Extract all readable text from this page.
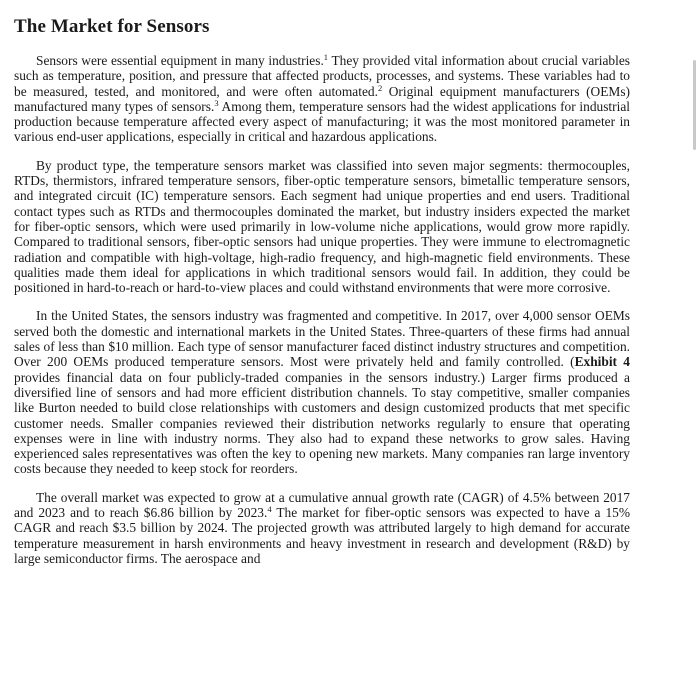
The Market for Sensors

Sensors were essential equipment in many industries.$^1$ They provided vital information about crucial variables such as temperature, position, and pressure that affected products, processes, and systems. These variables had to be measured, tested, and monitored, and were often automated.$^2$ Original equipment manufacturers (OEMs) manufactured many types of sensors.$^3$ Among them, temperature sensors had the widest applications for industrial production because temperature affected every aspect of manufacturing; it was the most monitored parameter in various end-user applications, especially in critical and hazardous applications.

By product type, the temperature sensors market was classified into seven major segments: thermocouples, RTDs, thermistors, infrared temperature sensors, fiber-optic temperature sensors, bimetallic temperature sensors, and integrated circuit (IC) temperature sensors. Each segment had unique properties and end users. Traditional contact types such as RTDs and thermocouples dominated the market, but industry insiders expected the market for fiber-optic sensors, which were used primarily in low-volume niche applications, would grow more rapidly. Compared to traditional sensors, fiber-optic sensors had unique properties. They were immune to electromagnetic radiation and compatible with high-voltage, high-radio frequency, and high-magnetic field environments. These qualities made them ideal for applications in which traditional sensors would fail. In addition, they could be positioned in hard-to-reach or hard-to-view places and could withstand environments that were more corrosive.

In the United States, the sensors industry was fragmented and competitive. In 2017, over 4,000 sensor OEMs served both the domestic and international markets in the United States. Three-quarters of these firms had annual sales of less than $10 million. Each type of sensor manufacturer faced distinct industry structures and competition. Over 200 OEMs produced temperature sensors. Most were privately held and family controlled. (Exhibit 4 provides financial data on four publicly-traded companies in the sensors industry.) Larger firms produced a diversified line of sensors and had more efficient distribution channels. To stay competitive, smaller companies like Burton needed to build close relationships with customers and design customized products that met specific customer needs. Smaller companies reviewed their distribution networks regularly to ensure that operating expenses were in line with industry norms. They also had to expand these networks to grow sales. Having experienced sales representatives was often the key to opening new markets. Many companies ran large inventory costs because they needed to keep stock for reorders.

The overall market was expected to grow at a cumulative annual growth rate (CAGR) of 4.5% between 2017 and 2023 and to reach $6.86 billion by 2023.$^4$ The market for fiber-optic sensors was expected to have a 15% CAGR and reach $3.5 billion by 2024. The projected growth was attributed largely to high demand for accurate temperature measurement in harsh environments and heavy investment in research and development (R&D) by large semiconductor firms. The aerospace and
